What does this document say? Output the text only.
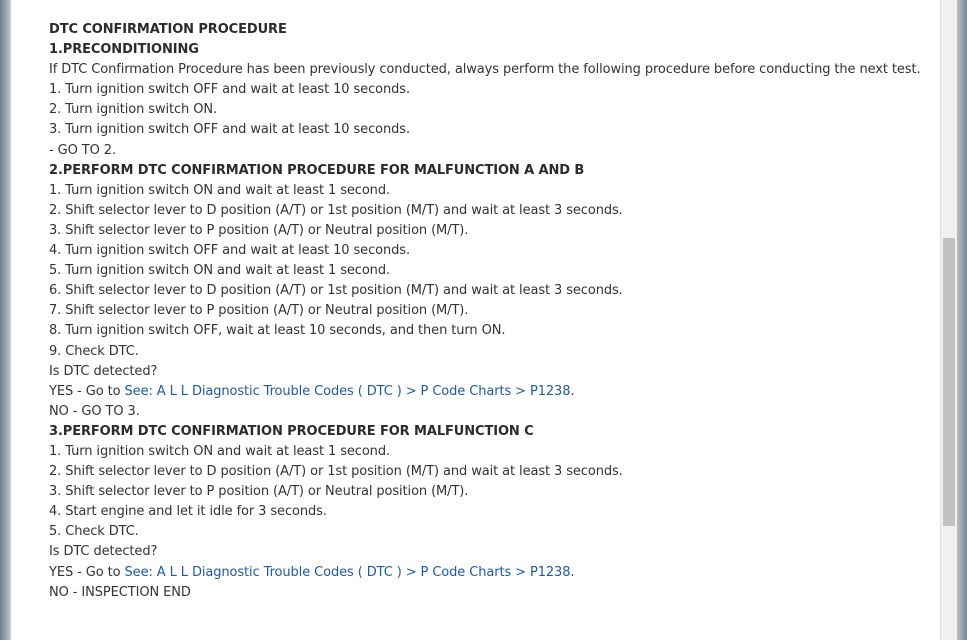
DTC CONFIRMATION PROCEDURE
1.PRECONDITIONING
If DTC Confirmation Procedure has been previously conducted, always perform the following procedure before conducting the next test.
1. Turn ignition switch OFF and wait at least 10 seconds.
2. Turn ignition switch ON.
3. Turn ignition switch OFF and wait at least 10 seconds.
- GO TO 2.
2.PERFORM DTC CONFIRMATION PROCEDURE FOR MALFUNCTION A AND B
1. Turn ignition switch ON and wait at least 1 second.
2. Shift selector lever to D position (A/T) or 1st position (M/T) and wait at least 3 seconds.
3. Shift selector lever to P position (A/T) or Neutral position (M/T).
4. Turn ignition switch OFF and wait at least 10 seconds.
5. Turn ignition switch ON and wait at least 1 second.
6. Shift selector lever to D position (A/T) or 1st position (M/T) and wait at least 3 seconds.
7. Shift selector lever to P position (A/T) or Neutral position (M/T).
8. Turn ignition switch OFF, wait at least 10 seconds, and then turn ON.
9. Check DTC.
Is DTC detected?
YES - Go to See: A L L Diagnostic Trouble Codes ( DTC ) > P Code Charts > P1238.
NO - GO TO 3.
3.PERFORM DTC CONFIRMATION PROCEDURE FOR MALFUNCTION C
1. Turn ignition switch ON and wait at least 1 second.
2. Shift selector lever to D position (A/T) or 1st position (M/T) and wait at least 3 seconds.
3. Shift selector lever to P position (A/T) or Neutral position (M/T).
4. Start engine and let it idle for 3 seconds.
5. Check DTC.
Is DTC detected?
YES - Go to See: A L L Diagnostic Trouble Codes ( DTC ) > P Code Charts > P1238.
NO - INSPECTION END
